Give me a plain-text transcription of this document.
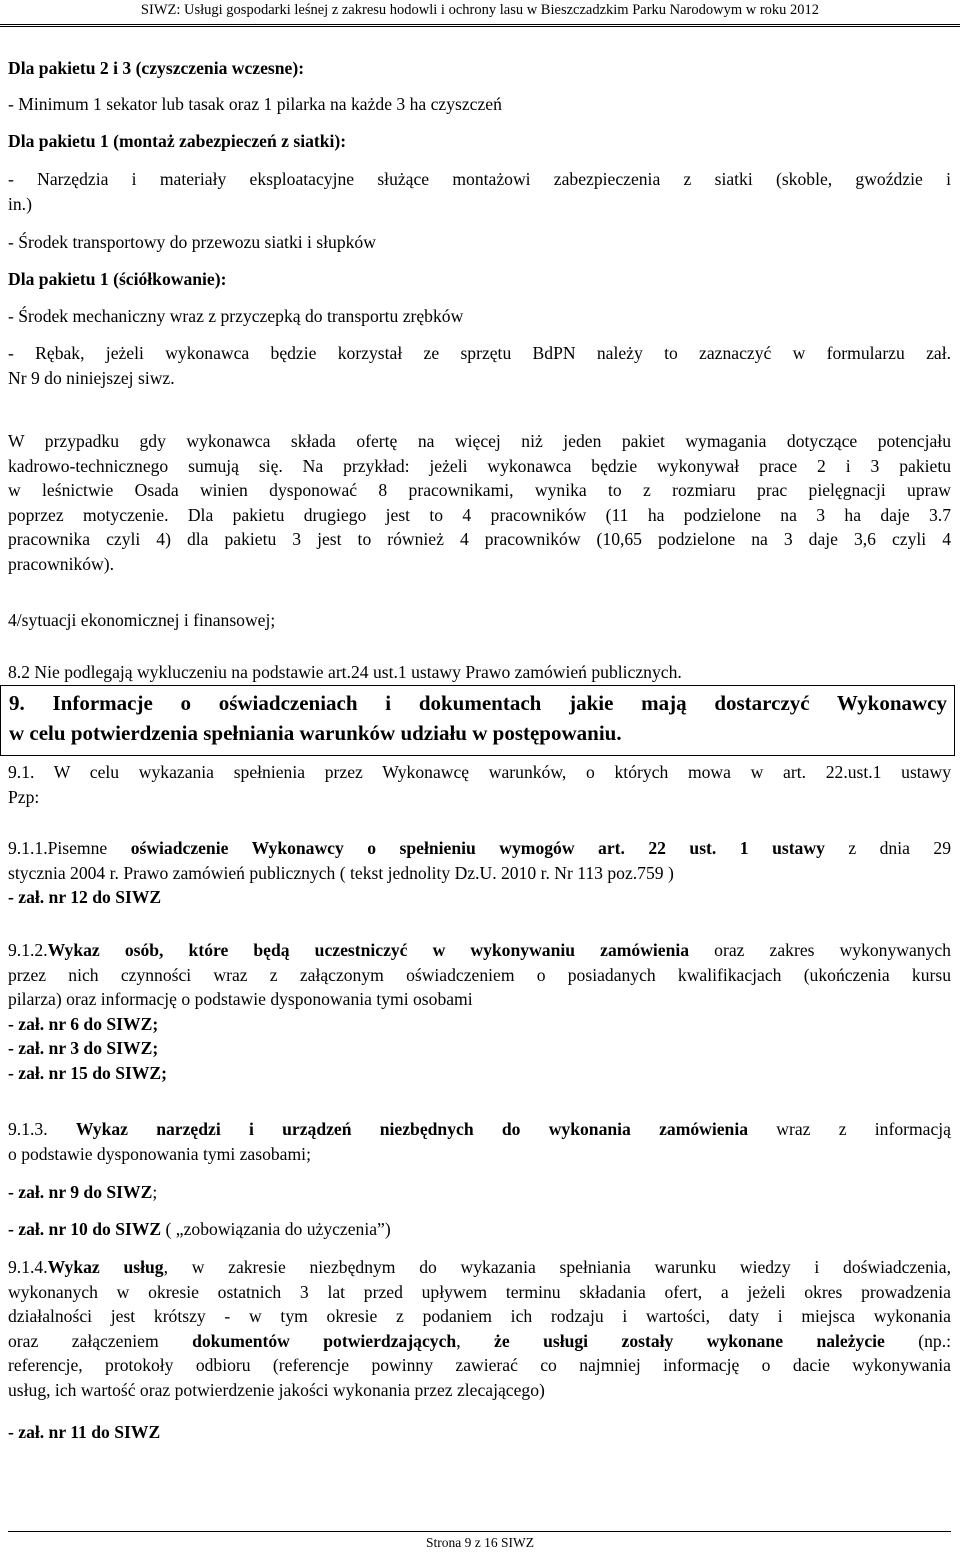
SIWZ: Usługi gospodarki leśnej z zakresu hodowli i ochrony lasu w Bieszczadzkim Parku Narodowym w roku 2012
Dla pakietu 2 i 3 (czyszczenia wczesne):
- Minimum 1 sekator lub tasak oraz 1 pilarka na każde 3 ha czyszczeń
Dla pakietu 1 (montaż zabezpieczeń z siatki):
- Narzędzia i materiały eksploatacyjne służące montażowi zabezpieczenia z siatki (skoble, gwoździe i
in.)
- Środek transportowy do przewozu siatki i słupków
Dla pakietu 1 (ściółkowanie):
- Środek mechaniczny wraz z przyczepką do transportu zrębków
- Rębak, jeżeli wykonawca będzie korzystał ze sprzętu BdPN należy to zaznaczyć w formularzu zał.
Nr 9 do niniejszej siwz.
W przypadku gdy wykonawca składa ofertę na więcej niż jeden pakiet wymagania dotyczące potencjału
kadrowo-technicznego sumują się. Na przykład: jeżeli wykonawca będzie wykonywał prace 2 i 3 pakietu
w leśnictwie Osada winien dysponować 8 pracownikami, wynika to z rozmiaru prac pielęgnacji upraw
poprzez motyczenie. Dla pakietu drugiego jest to 4 pracowników (11 ha podzielone na 3 ha daje 3.7
pracownika czyli 4) dla pakietu 3 jest to również 4 pracowników (10,65 podzielone na 3 daje 3,6 czyli 4
pracowników).
4/sytuacji ekonomicznej i finansowej;
8.2 Nie podlegają wykluczeniu na podstawie art.24 ust.1 ustawy Prawo zamówień publicznych.
9. Informacje o oświadczeniach i dokumentach jakie mają dostarczyć Wykonawcy
w celu potwierdzenia spełniania warunków udziału w postępowaniu.
9.1. W celu wykazania spełnienia przez Wykonawcę warunków, o których mowa w art. 22.ust.1 ustawy
Pzp:
9.1.1.Pisemne oświadczenie Wykonawcy o spełnieniu wymogów art. 22 ust. 1 ustawy z dnia 29
stycznia 2004 r. Prawo zamówień publicznych ( tekst jednolity Dz.U. 2010 r. Nr 113 poz.759 )
- zał. nr 12 do SIWZ
9.1.2.Wykaz osób, które będą uczestniczyć w wykonywaniu zamówienia oraz zakres wykonywanych
przez nich czynności wraz z załączonym oświadczeniem o posiadanych kwalifikacjach (ukończenia kursu
pilarza) oraz informację o podstawie dysponowania tymi osobami
- zał. nr 6 do SIWZ;
- zał. nr 3 do SIWZ;
- zał. nr 15 do SIWZ;
9.1.3. Wykaz narzędzi i urządzeń niezbędnych do wykonania zamówienia wraz z informacją
o podstawie dysponowania tymi zasobami;
- zał. nr 9 do SIWZ;
- zał. nr 10 do SIWZ ( „zobowiązania do użyczenia”)
9.1.4.Wykaz usług, w zakresie niezbędnym do wykazania spełniania warunku wiedzy i doświadczenia,
wykonanych w okresie ostatnich 3 lat przed upływem terminu składania ofert, a jeżeli okres prowadzenia
działalności jest krótszy - w tym okresie z podaniem ich rodzaju i wartości, daty i miejsca wykonania
oraz załączeniem dokumentów potwierdzających, że usługi zostały wykonane należycie (np.:
referencje, protokoły odbioru (referencje powinny zawierać co najmniej informację o dacie wykonywania
usług, ich wartość oraz potwierdzenie jakości wykonania przez zlecającego)
- zał. nr 11 do SIWZ
Strona 9 z 16 SIWZ
